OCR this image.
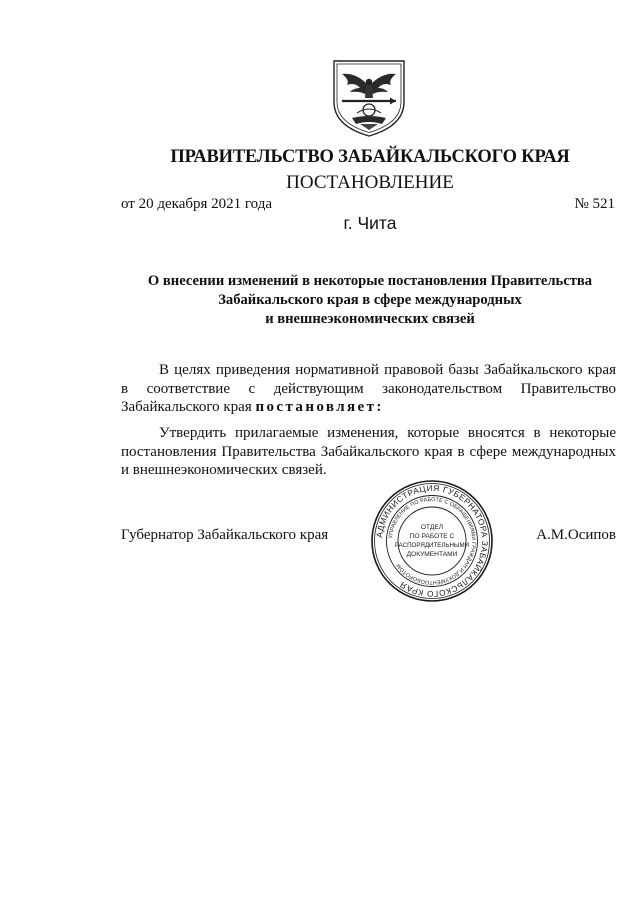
ПРАВИТЕЛЬСТВО ЗАБАЙКАЛЬСКОГО КРАЯ
ПОСТАНОВЛЕНИЕ
от 20 декабря 2021 года	№ 521
г. Чита
О внесении изменений в некоторые постановления Правительства
Забайкальского края в сфере международных
и внешнеэкономических связей
В целях приведения нормативной правовой базы Забайкальского края в соответствие с действующим законодательством Правительство Забайкальского края постановляет:
Утвердить прилагаемые изменения, которые вносятся в некоторые постановления Правительства Забайкальского края в сфере международных и внешнеэкономических связей.
Губернатор Забайкальского края	А.М.Осипов
АДМИНИСТРАЦИЯ ГУБЕРНАТОРА ЗАБАЙКАЛЬСКОГО КРАЯ
УПРАВЛЕНИЕ ПО РАБОТЕ С ОБРАЩЕНИЯМИ ГРАЖДАН И ДОКУМЕНТООБОРОТОМ
ОТДЕЛ
ПО РАБОТЕ С
РАСПОРЯДИТЕЛЬНЫМИ
ДОКУМЕНТАМИ
